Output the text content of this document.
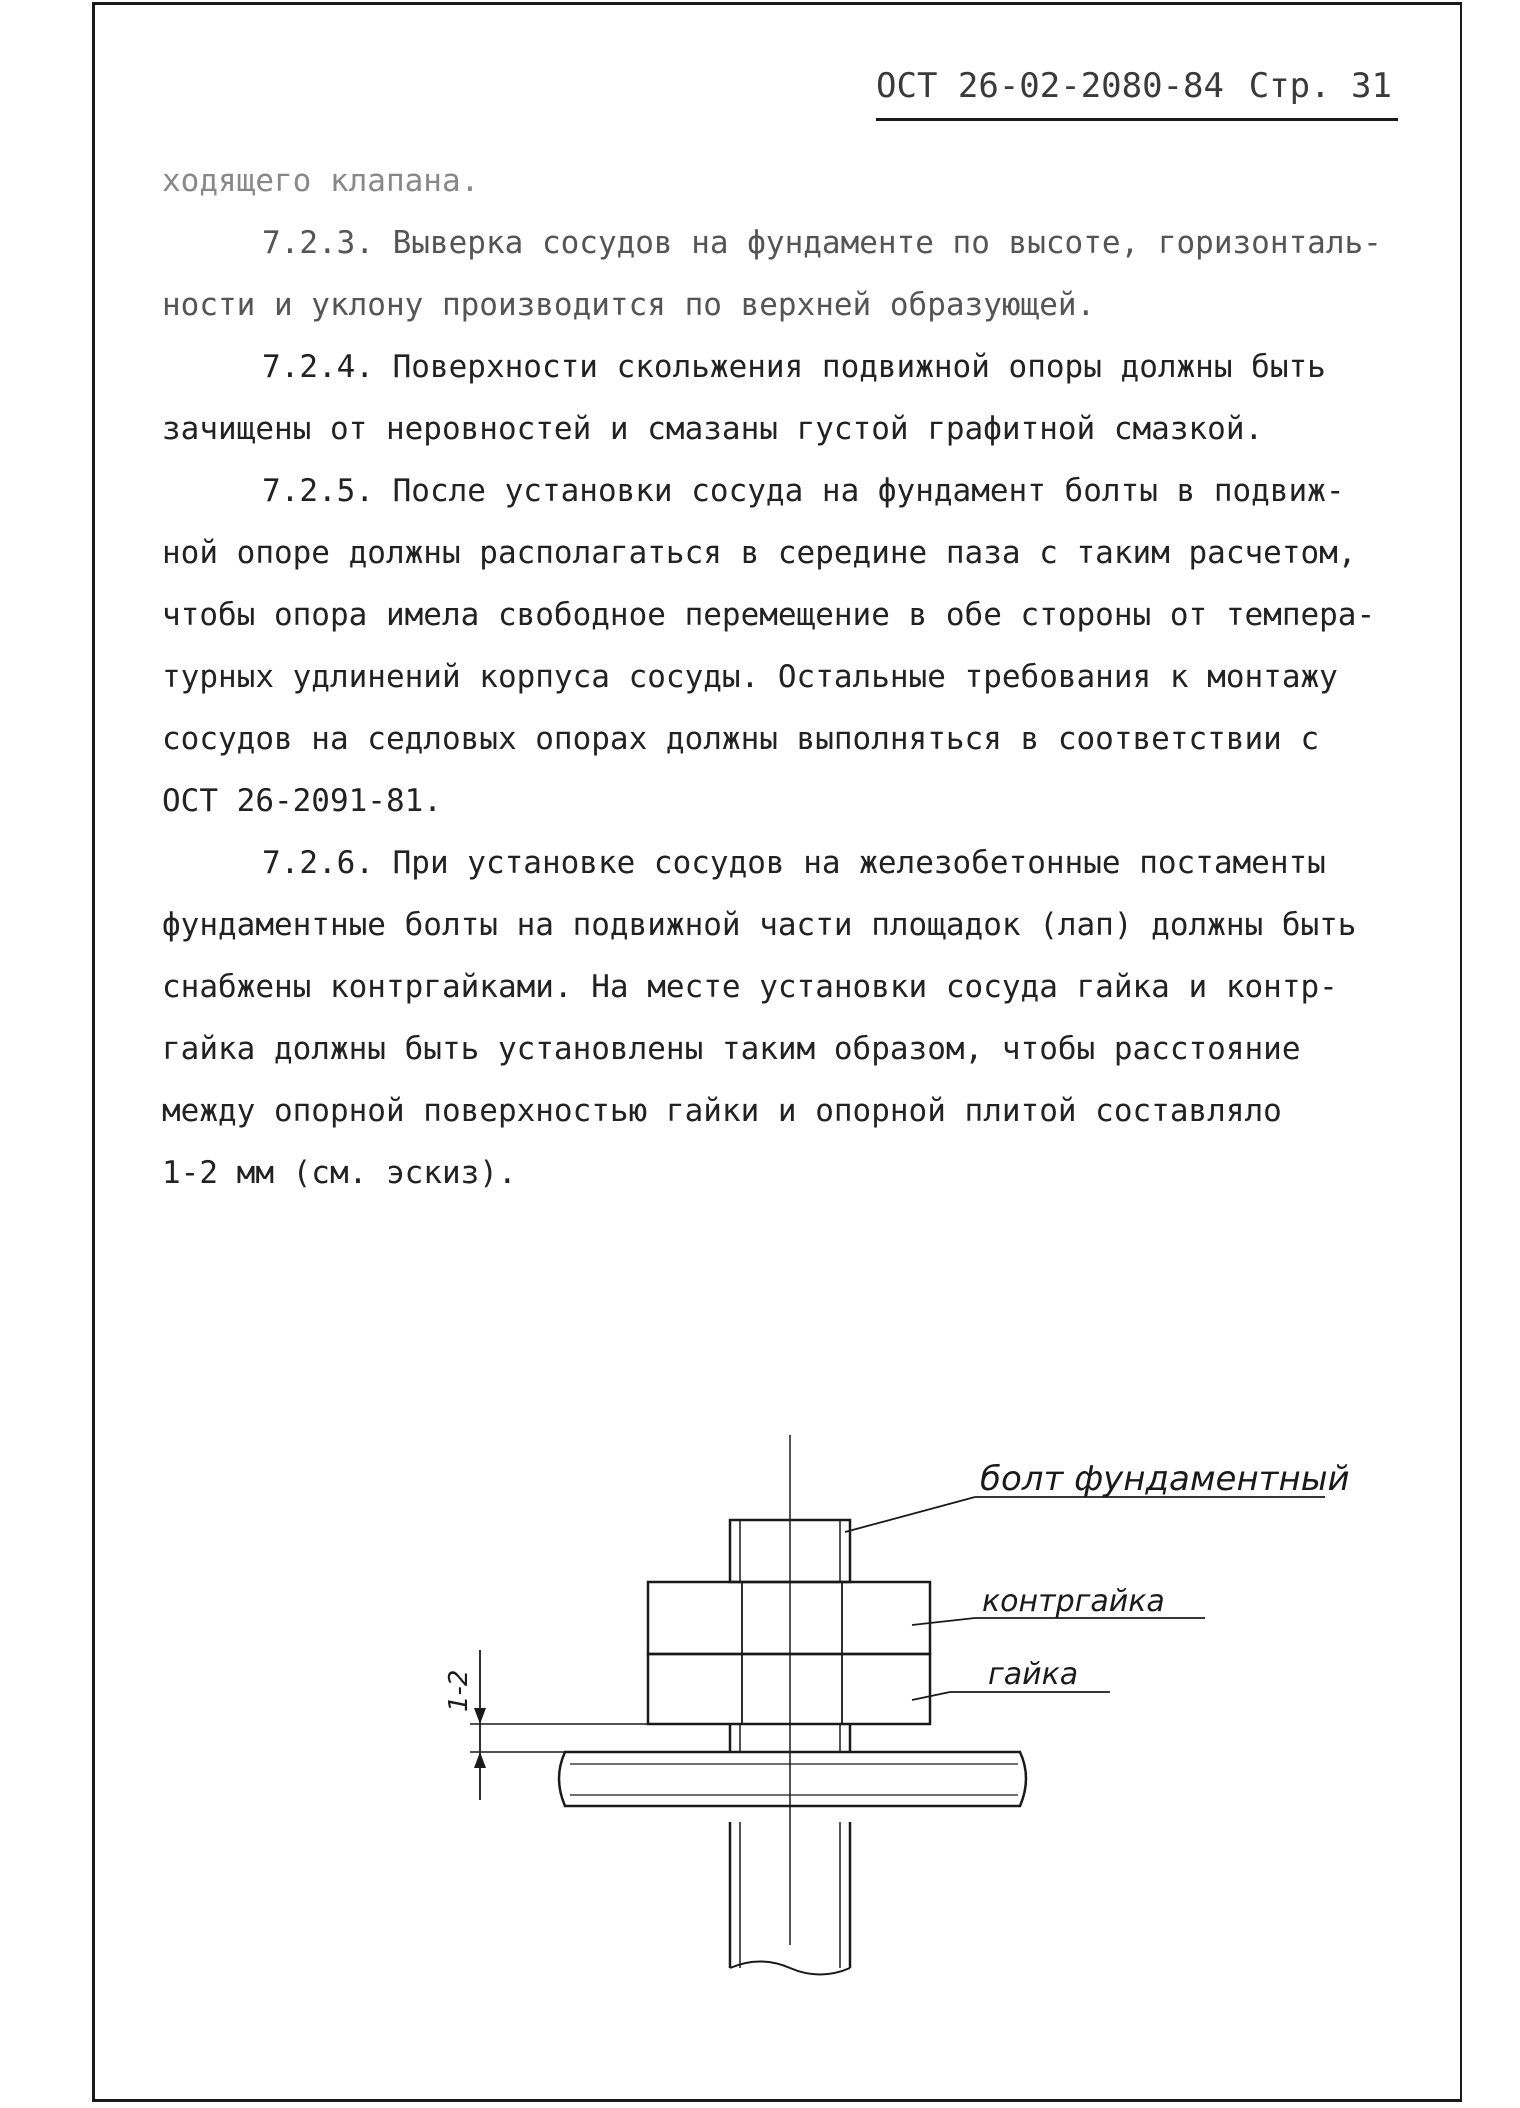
ОСТ 26-02-2080-84 Стр. 31

ходящего клапана.

7.2.3. Выверка сосудов на фундаменте по высоте, горизонталь-

ности и уклону производится по верхней образующей.

7.2.4. Поверхности скольжения подвижной опоры должны быть

зачищены от неровностей и смазаны густой графитной смазкой.

7.2.5. После установки сосуда на фундамент болты в подвиж-

ной опоре должны располагаться в середине паза с таким расчетом,

чтобы опора имела свободное перемещение в обе стороны от темпера-

турных удлинений корпуса сосуды. Остальные требования к монтажу

сосудов на седловых опорах должны выполняться в соответствии с

ОСТ 26-2091-81.

7.2.6. При установке сосудов на железобетонные постаменты

фундаментные болты на подвижной части площадок (лап) должны быть

снабжены контргайками. На месте установки сосуда гайка и контр-

гайка должны быть установлены таким образом, чтобы расстояние

между опорной поверхностью гайки и опорной плитой составляло

1-2 мм (см. эскиз).

болт фундаментный
контргайка
гайка
1-2
